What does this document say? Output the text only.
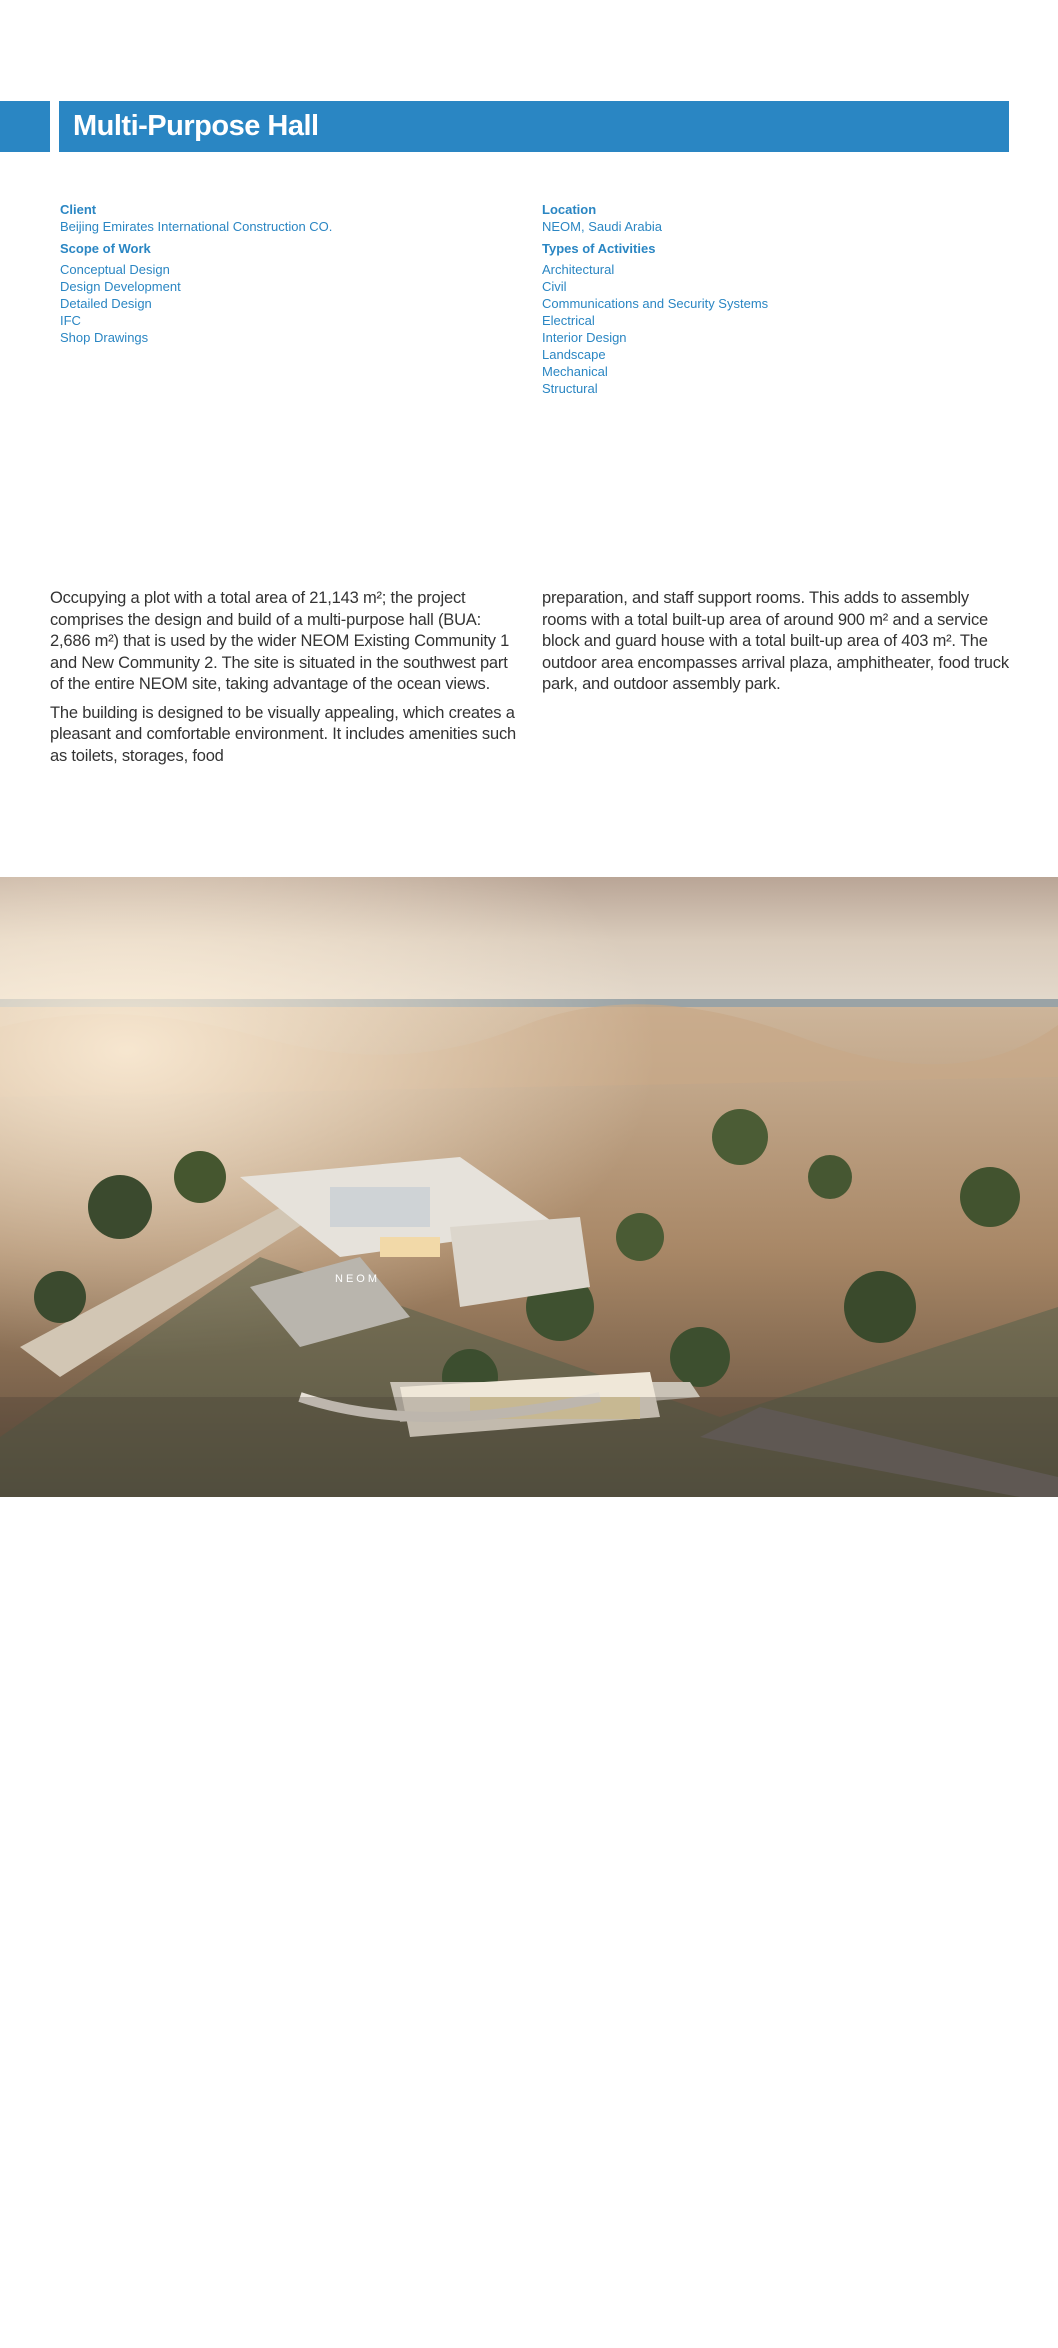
Multi-Purpose Hall
Client
Beijing Emirates International Construction CO.
Scope of Work
Conceptual Design
Design Development
Detailed Design
IFC
Shop Drawings
Location
NEOM, Saudi Arabia
Types of Activities
Architectural
Civil
Communications and Security Systems
Electrical
Interior Design
Landscape
Mechanical
Structural

Occupying a plot with a total area of 21,143 m²; the project comprises the design and build of a multi-purpose hall (BUA: 2,686 m²) that is used by the wider NEOM Existing Community 1 and New Community 2. The site is situated in the southwest part of the entire NEOM site, taking advantage of the ocean views.

The building is designed to be visually appealing, which creates a pleasant and comfortable environment. It includes amenities such as toilets, storages, food

preparation, and staff support rooms. This adds to assembly rooms with a total built-up area of around 900 m² and a service block and guard house with a total built-up area of 403 m². The outdoor area encompasses arrival plaza, amphitheater, food truck park, and outdoor assembly park.

NEOM
Multi-Purpose Hall
